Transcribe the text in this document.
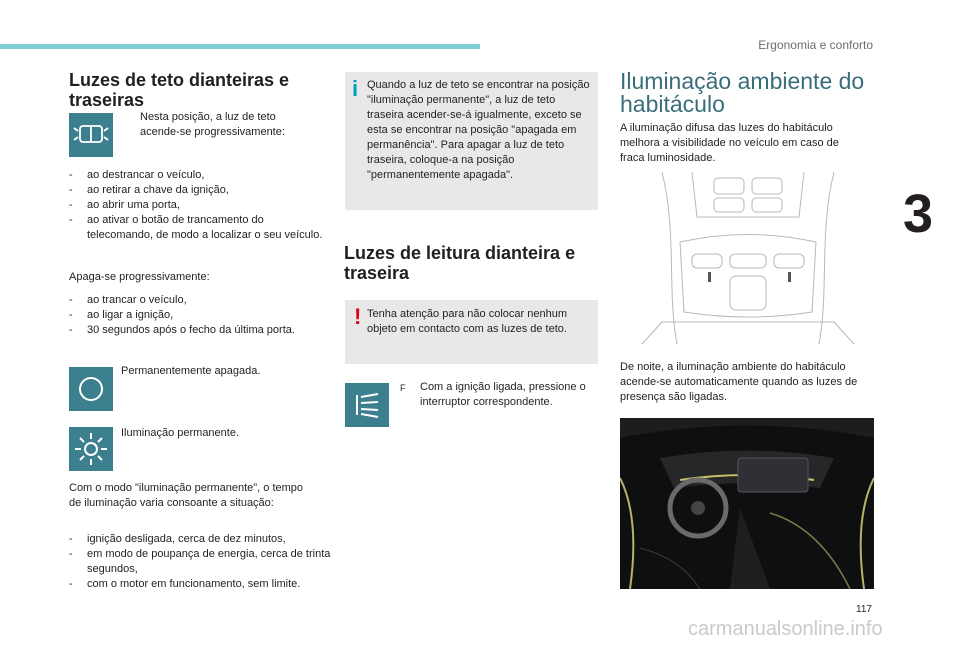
Ergonomia e conforto
3
Luzes de teto dianteiras e traseiras

Nesta posição, a luz de teto acende-se progressivamente:

- ao destrancar o veículo,
- ao retirar a chave da ignição,
- ao abrir uma porta,
- ao ativar o botão de trancamento do telecomando, de modo a localizar o seu veículo.

Apaga-se progressivamente:

- ao trancar o veículo,
- ao ligar a ignição,
- 30 segundos após o fecho da última porta.

Permanentemente apagada.

Iluminação permanente.

Com o modo "iluminação permanente", o tempo de iluminação varia consoante a situação:

- ignição desligada, cerca de dez minutos,
- em modo de poupança de energia, cerca de trinta segundos,
- com o motor em funcionamento, sem limite.
i Quando a luz de teto se encontrar na posição "iluminação permanente", a luz de teto traseira acender-se-á igualmente, exceto se esta se encontrar na posição "apagada em permanência". Para apagar a luz de teto traseira, coloque-a na posição "permanentemente apagada".

Luzes de leitura dianteira e traseira
! Tenha atenção para não colocar nenhum objeto em contacto com as luzes de teto.

F Com a ignição ligada, pressione o interruptor correspondente.

Iluminação ambiente do habitáculo

A iluminação difusa das luzes do habitáculo melhora a visibilidade no veículo em caso de fraca luminosidade.

De noite, a iluminação ambiente do habitáculo acende-se automaticamente quando as luzes de presença são ligadas.

117
carmanualsonline.info
